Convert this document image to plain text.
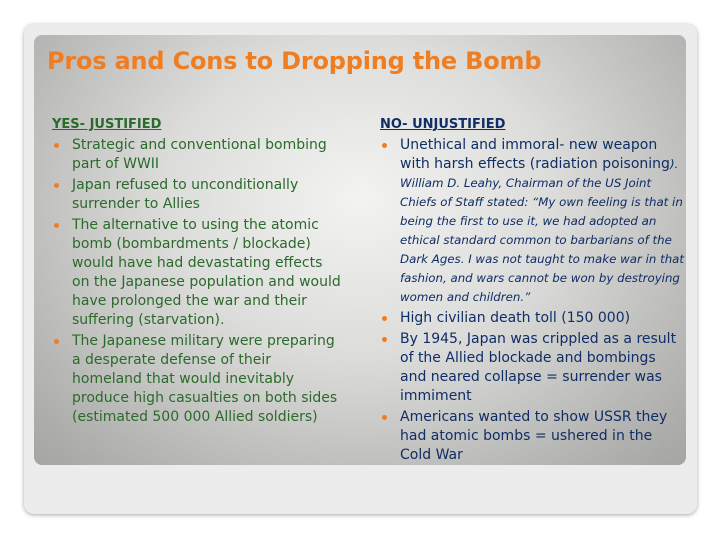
Pros and Cons to Dropping the Bomb
YES- JUSTIFIED
Strategic and conventional bombing part of WWII
Japan refused to unconditionally surrender to Allies
The alternative to using the atomic bomb (bombardments / blockade) would have had devastating effects on the Japanese population and would have prolonged the war and their suffering (starvation).
The Japanese military were preparing a desperate defense of their homeland that would inevitably produce high casualties on both sides (estimated 500 000 Allied soldiers)
NO- UNJUSTIFIED
Unethical and immoral- new weapon with harsh effects (radiation poisoning). William D. Leahy, Chairman of the US Joint Chiefs of Staff stated: “My own feeling is that in being the first to use it, we had adopted an ethical standard common to barbarians of the Dark Ages. I was not taught to make war in that fashion, and wars cannot be won by destroying women and children.”
High civilian death toll (150 000)
By 1945, Japan was crippled as a result of the Allied blockade and bombings and neared collapse = surrender was immiment
Americans wanted to show USSR they had atomic bombs = ushered in the Cold War
